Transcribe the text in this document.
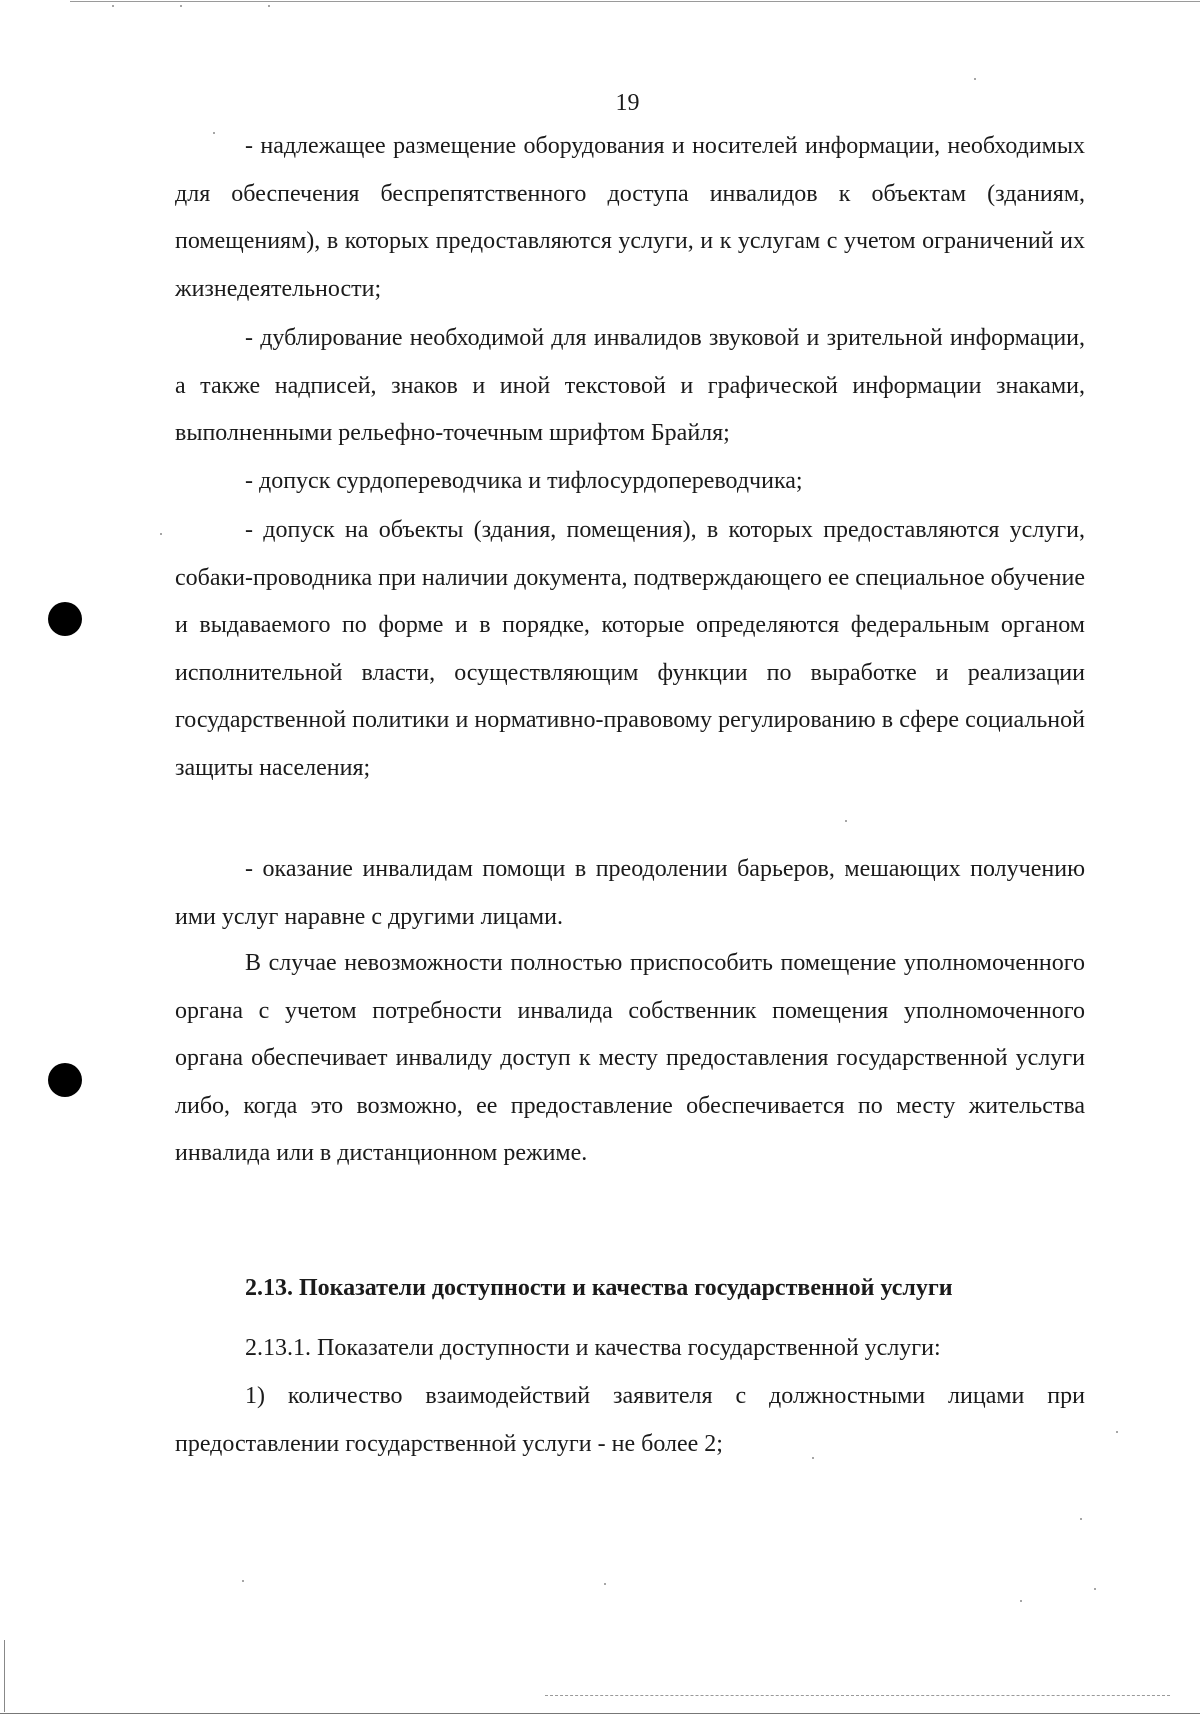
19

- надлежащее размещение оборудования и носителей информации, необходимых для обеспечения беспрепятственного доступа инвалидов к объектам (зданиям, помещениям), в которых предоставляются услуги, и к услугам с учетом ограничений их жизнедеятельности;

- дублирование необходимой для инвалидов звуковой и зрительной информации, а также надписей, знаков и иной текстовой и графической информации знаками, выполненными рельефно-точечным шрифтом Брайля;

- допуск сурдопереводчика и тифлосурдопереводчика;

- допуск на объекты (здания, помещения), в которых предоставляются услуги, собаки-проводника при наличии документа, подтверждающего ее специальное обучение и выдаваемого по форме и в порядке, которые определяются федеральным органом исполнительной власти, осуществляющим функции по выработке и реализации государственной политики и нормативно-правовому регулированию в сфере социальной защиты населения;

- оказание инвалидам помощи в преодолении барьеров, мешающих получению ими услуг наравне с другими лицами.

В случае невозможности полностью приспособить помещение уполномоченного органа с учетом потребности инвалида собственник помещения уполномоченного органа обеспечивает инвалиду доступ к месту предоставления государственной услуги либо, когда это возможно, ее предоставление обеспечивается по месту жительства инвалида или в дистанционном режиме.

2.13. Показатели доступности и качества государственной услуги

2.13.1. Показатели доступности и качества государственной услуги:

1) количество взаимодействий заявителя с должностными лицами при предоставлении государственной услуги - не более 2;
